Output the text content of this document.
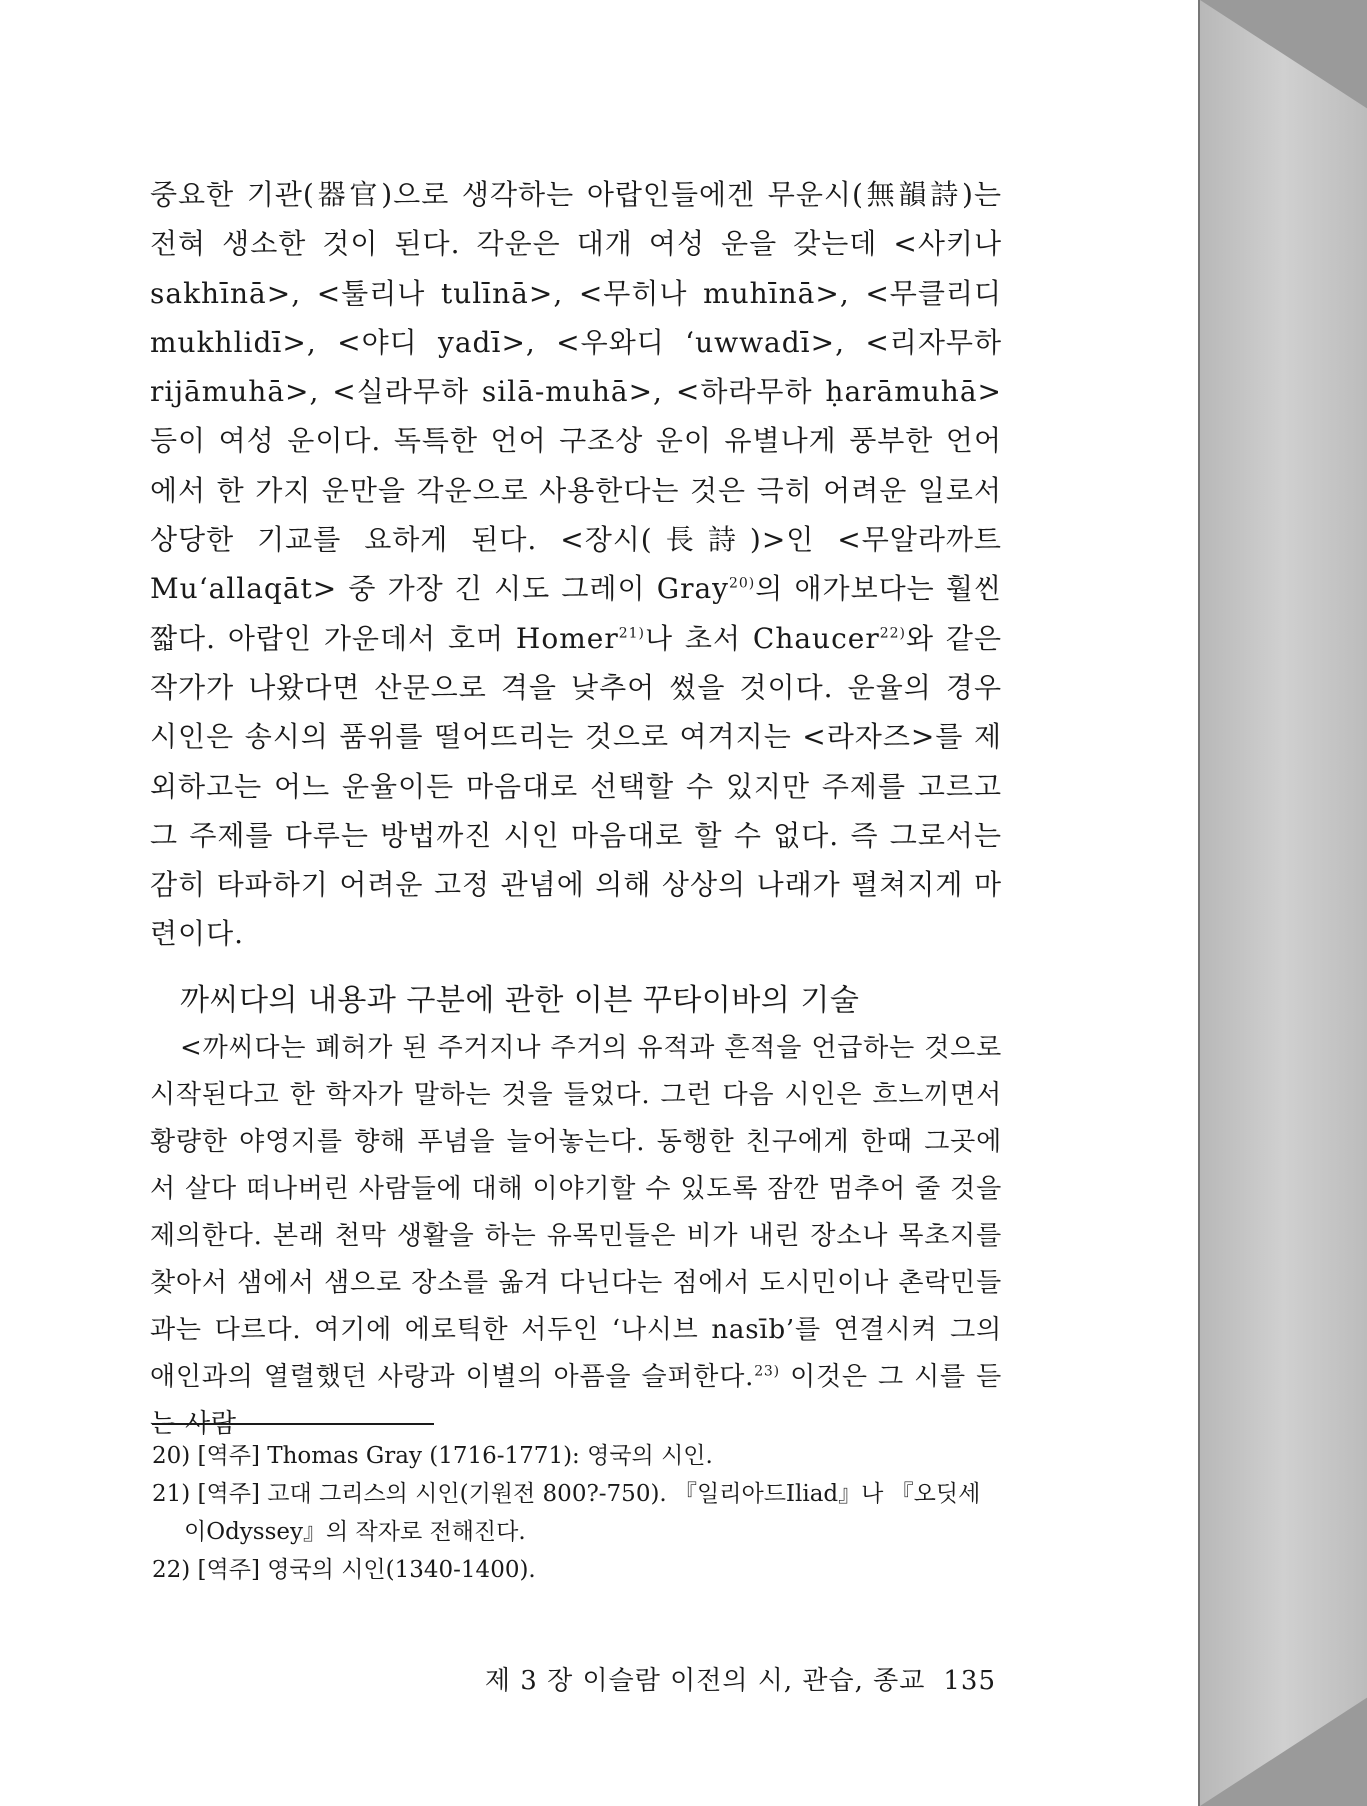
중요한 기관(器官)으로 생각하는 아랍인들에겐 무운시(無韻詩)는 전혀 생소한 것이 된다. 각운은 대개 여성 운을 갖는데 <사키나 sakhīnā>, <툴리나 tulīnā>, <무히나 muhīnā>, <무클리디 mukhlidī>, <야디 yadī>, <우와디 ‘uwwadī>, <리자무하 rijāmuhā>, <실라무하 silā-muhā>, <하라무하 ḥarāmuhā> 등이 여성 운이다. 독특한 언어 구조상 운이 유별나게 풍부한 언어에서 한 가지 운만을 각운으로 사용한다는 것은 극히 어려운 일로서 상당한 기교를 요하게 된다. <장시(長詩)>인 <무알라까트 Mu‘allaqāt> 중 가장 긴 시도 그레이 Gray$^{20)}$의 애가보다는 훨씬 짧다. 아랍인 가운데서 호머 Homer$^{21)}$나 초서 Chaucer$^{22)}$와 같은 작가가 나왔다면 산문으로 격을 낮추어 썼을 것이다. 운율의 경우 시인은 송시의 품위를 떨어뜨리는 것으로 여겨지는 <라자즈>를 제외하고는 어느 운율이든 마음대로 선택할 수 있지만 주제를 고르고 그 주제를 다루는 방법까진 시인 마음대로 할 수 없다. 즉 그로서는 감히 타파하기 어려운 고정 관념에 의해 상상의 나래가 펼쳐지게 마련이다.
까씨다의 내용과 구분에 관한 이븐 꾸타이바의 기술
<까씨다는 폐허가 된 주거지나 주거의 유적과 흔적을 언급하는 것으로 시작된다고 한 학자가 말하는 것을 들었다. 그런 다음 시인은 흐느끼면서 황량한 야영지를 향해 푸념을 늘어놓는다. 동행한 친구에게 한때 그곳에서 살다 떠나버린 사람들에 대해 이야기할 수 있도록 잠깐 멈추어 줄 것을 제의한다. 본래 천막 생활을 하는 유목민들은 비가 내린 장소나 목초지를 찾아서 샘에서 샘으로 장소를 옮겨 다닌다는 점에서 도시민이나 촌락민들과는 다르다. 여기에 에로틱한 서두인 ‘나시브 nasīb’를 연결시켜 그의 애인과의 열렬했던 사랑과 이별의 아픔을 슬퍼한다.$^{23)}$ 이것은 그 시를 듣는 사람

20) [역주] Thomas Gray (1716-1771): 영국의 시인.

21) [역주] 고대 그리스의 시인(기원전 800?-750). 『일리아드Iliad』나 『오딧세이Odyssey』의 작자로 전해진다.

22) [역주] 영국의 시인(1340-1400).

제 3 장 이슬람 이전의 시, 관습, 종교 135
